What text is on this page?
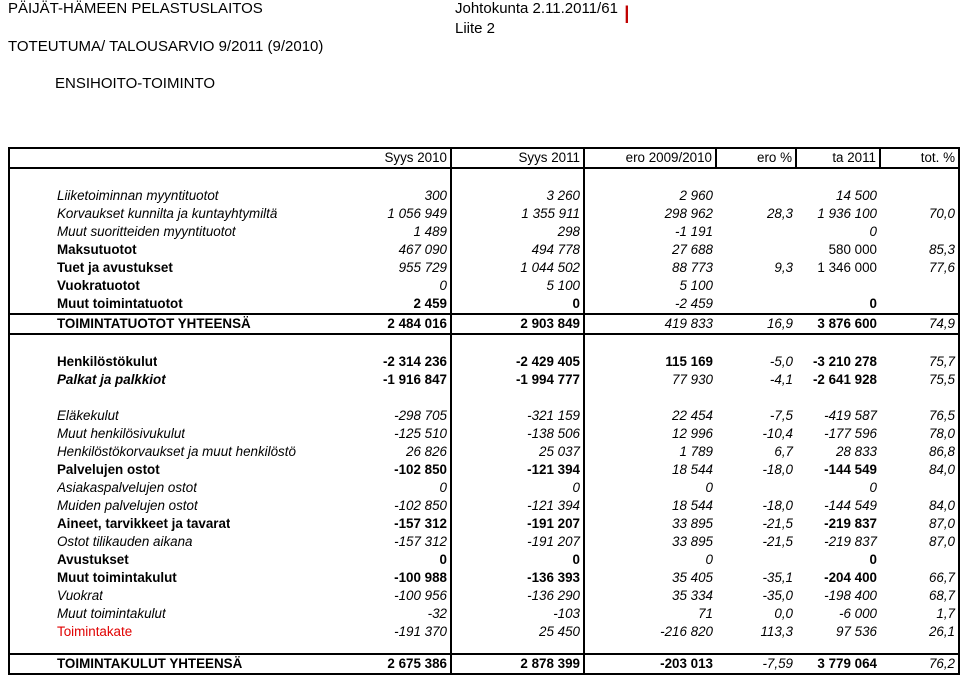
PÄIJÄT-HÄMEEN PELASTUSLAITOS	Johtokunta 2.11.2011/61 |
Liite 2
TOTEUTUMA/ TALOUSARVIO 9/2011 (9/2010)
ENSIHOITO-TOIMINTO
Syys 2010	Syys 2011	ero 2009/2010	ero %	ta 2011	tot. %

Liiketoiminnan myyntituotot 300	3 260	2 960		14 500	

Korvaukset kunnilta ja kuntayhtymiltä 1 056 949	1 355 911	298 962	28,3	1 936 100	70,0

Muut suoritteiden myyntituotot 1 489	298	-1 191		0	

Maksutuotot 467 090	494 778	27 688		580 000	85,3

Tuet ja avustukset 955 729	1 044 502	88 773	9,3	1 346 000	77,6

Vuokratuotot 0	5 100	5 100			

Muut toimintatuotot 2 459	0	-2 459		0	

TOIMINTATUOTOT YHTEENSÄ 2 484 016	2 903 849	419 833	16,9	3 876 600	74,9

Henkilöstökulut -2 314 236	-2 429 405	115 169	-5,0	-3 210 278	75,7

Palkat ja palkkiot -1 916 847	-1 994 777	77 930	-4,1	-2 641 928	75,5

Eläkekulut -298 705	-321 159	22 454	-7,5	-419 587	76,5

Muut henkilösivukulut -125 510	-138 506	12 996	-10,4	-177 596	78,0

Henkilöstökorvaukset ja muut henkilöstö 26 826	25 037	1 789	6,7	28 833	86,8

Palvelujen ostot -102 850	-121 394	18 544	-18,0	-144 549	84,0

Asiakaspalvelujen ostot 0	0	0		0	

Muiden palvelujen ostot -102 850	-121 394	18 544	-18,0	-144 549	84,0

Aineet, tarvikkeet ja tavarat -157 312	-191 207	33 895	-21,5	-219 837	87,0

Ostot tilikauden aikana -157 312	-191 207	33 895	-21,5	-219 837	87,0

Avustukset 0	0	0		0	

Muut toimintakulut -100 988	-136 393	35 405	-35,1	-204 400	66,7

Vuokrat -100 956	-136 290	35 334	-35,0	-198 400	68,7

Muut toimintakulut -32	-103	71	0,0	-6 000	1,7

Toimintakate -191 370	25 450	-216 820	113,3	97 536	26,1

TOIMINTAKULUT YHTEENSÄ 2 675 386	2 878 399	-203 013	-7,59	3 779 064	76,2
